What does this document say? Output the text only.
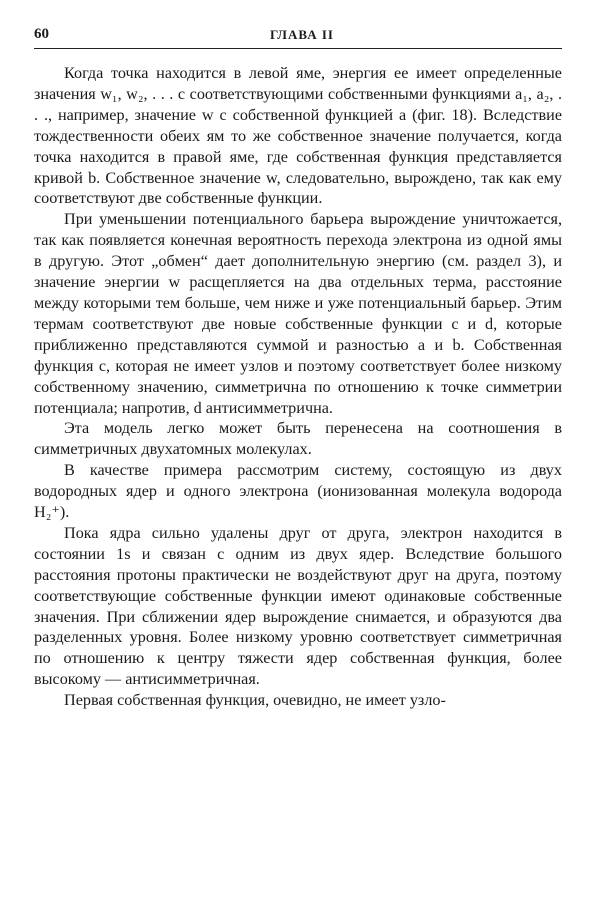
60	ГЛАВА II

Когда точка находится в левой яме, энергия ее имеет определенные значения w₁, w₂, . . . с соответствующими собственными функциями a₁, a₂, . . ., например, значение w с собственной функцией a (фиг. 18). Вследствие тождественности обеих ям то же собственное значение получается, когда точка находится в правой яме, где собственная функция представляется кривой b. Собственное значение w, следовательно, вырождено, так как ему соответствуют две собственные функции.

При уменьшении потенциального барьера вырождение уничтожается, так как появляется конечная вероятность перехода электрона из одной ямы в другую. Этот „обмен“ дает дополнительную энергию (см. раздел 3), и значение энергии w расщепляется на два отдельных терма, расстояние между которыми тем больше, чем ниже и уже потенциальный барьер. Этим термам соответствуют две новые собственные функции c и d, которые приближенно представляются суммой и разностью a и b. Собственная функция c, которая не имеет узлов и поэтому соответствует более низкому собственному значению, симметрична по отношению к точке симметрии потенциала; напротив, d антисимметрична.

Эта модель легко может быть перенесена на соотношения в симметричных двухатомных молекулах.

В качестве примера рассмотрим систему, состоящую из двух водородных ядер и одного электрона (ионизованная молекула водорода H₂⁺).

Пока ядра сильно удалены друг от друга, электрон находится в состоянии 1s и связан с одним из двух ядер. Вследствие большого расстояния протоны практически не воздействуют друг на друга, поэтому соответствующие собственные функции имеют одинаковые собственные значения. При сближении ядер вырождение снимается, и образуются два разделенных уровня. Более низкому уровню соответствует симметричная по отношению к центру тяжести ядер собственная функция, более высокому — антисимметричная.

Первая собственная функция, очевидно, не имеет узло-
